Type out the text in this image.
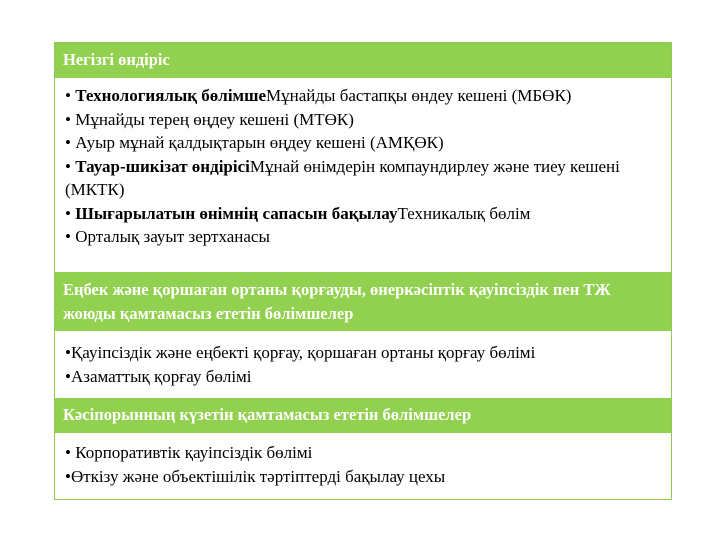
Негізгі өндіріс
• Технологиялық бөлімшеМұнайды бастапқы өндеу кешені (МБӨК)
• Мұнайды терең өңдеу кешені (МТӨК)
• Ауыр мұнай қалдықтарын өңдеу кешені (АМҚӨК)
• Тауар-шикізат өндірісіМұнай өнімдерін компаундирлеу және тиеу кешені (МКТК)
• Шығарылатын өнімнің сапасын бақылауТехникалық бөлім
• Орталық зауыт зертханасы
Еңбек және қоршаған ортаны қорғауды, өнеркәсіптік қауіпсіздік пен ТЖ жоюды қамтамасыз ететін бөлімшелер
•Қауіпсіздік және еңбекті қорғау, қоршаған ортаны қорғау бөлімі
•Азаматтық қорғау бөлімі
Кәсіпорынның күзетін қамтамасыз ететін бөлімшелер
• Корпоративтік қауіпсіздік бөлімі
•Өткізу және объектішілік тәртіптерді бақылау цехы
